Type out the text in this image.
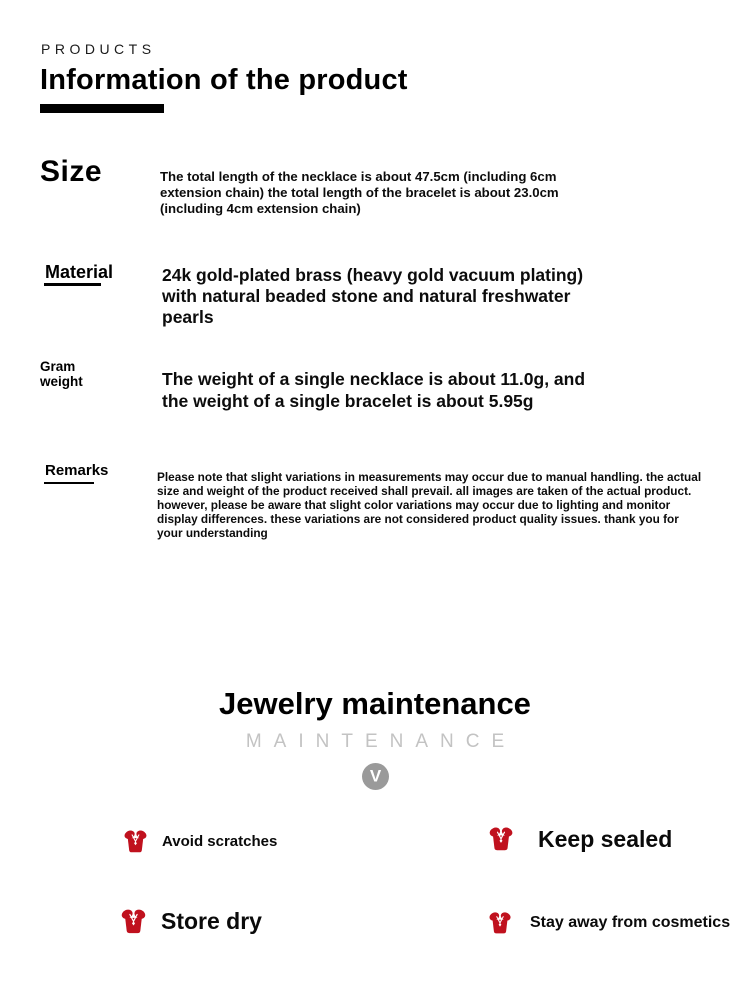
PRODUCTS
Information of the product
Size	The total length of the necklace is about 47.5cm (including 6cm extension chain) the total length of the bracelet is about 23.0cm (including 4cm extension chain)
Material	24k gold-plated brass (heavy gold vacuum plating) with natural beaded stone and natural freshwater pearls
Gram weight	The weight of a single necklace is about 11.0g, and the weight of a single bracelet is about 5.95g
Remarks	Please note that slight variations in measurements may occur due to manual handling. the actual size and weight of the product received shall prevail. all images are taken of the actual product. however, please be aware that slight color variations may occur due to lighting and monitor display differences. these variations are not considered product quality issues. thank you for your understanding
Jewelry maintenance
MAINTENANCE
V
Avoid scratches	Keep sealed
Store dry	Stay away from cosmetics
